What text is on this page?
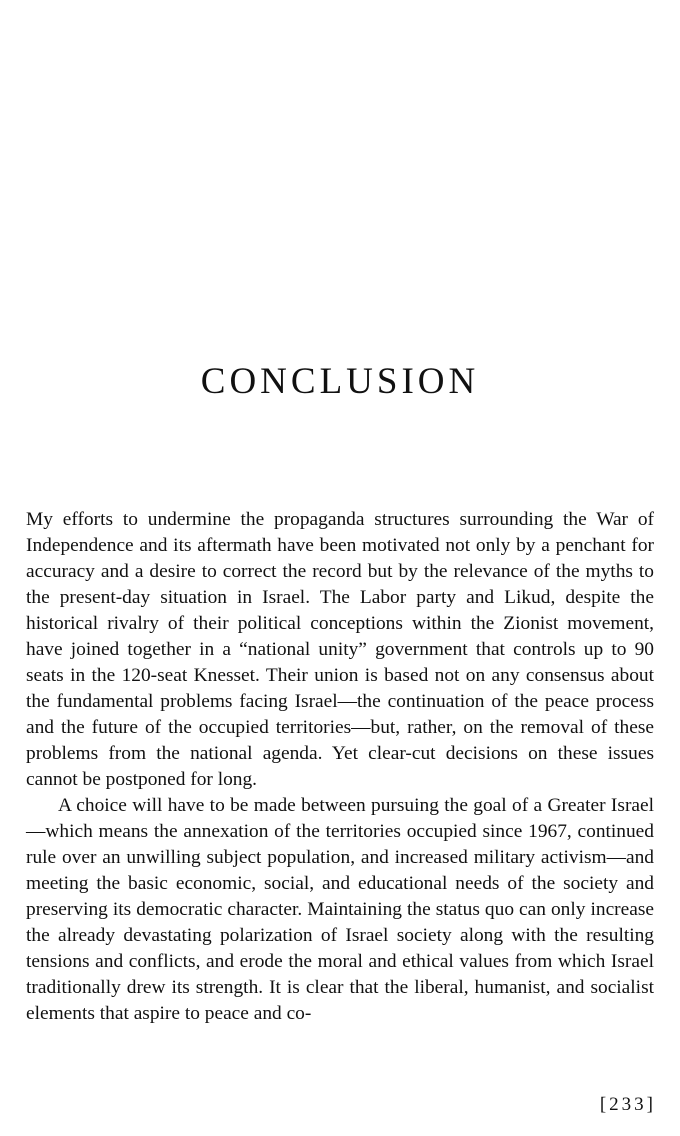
CONCLUSION

My efforts to undermine the propaganda structures surrounding the War of Independence and its aftermath have been motivated not only by a penchant for accuracy and a desire to correct the record but by the relevance of the myths to the present-day situation in Israel. The Labor party and Likud, despite the historical rivalry of their political conceptions within the Zionist movement, have joined together in a “national unity” government that controls up to 90 seats in the 120-seat Knesset. Their union is based not on any consensus about the fundamental problems facing Israel—the continuation of the peace process and the future of the occupied territories—but, rather, on the removal of these problems from the national agenda. Yet clear-cut decisions on these issues cannot be postponed for long.

A choice will have to be made between pursuing the goal of a Greater Israel—which means the annexation of the territories occupied since 1967, continued rule over an unwilling subject population, and increased military activism—and meeting the basic economic, social, and educational needs of the society and preserving its democratic character. Maintaining the status quo can only increase the already devastating polarization of Israel society along with the resulting tensions and conflicts, and erode the moral and ethical values from which Israel traditionally drew its strength. It is clear that the liberal, humanist, and socialist elements that aspire to peace and co-

[233]
